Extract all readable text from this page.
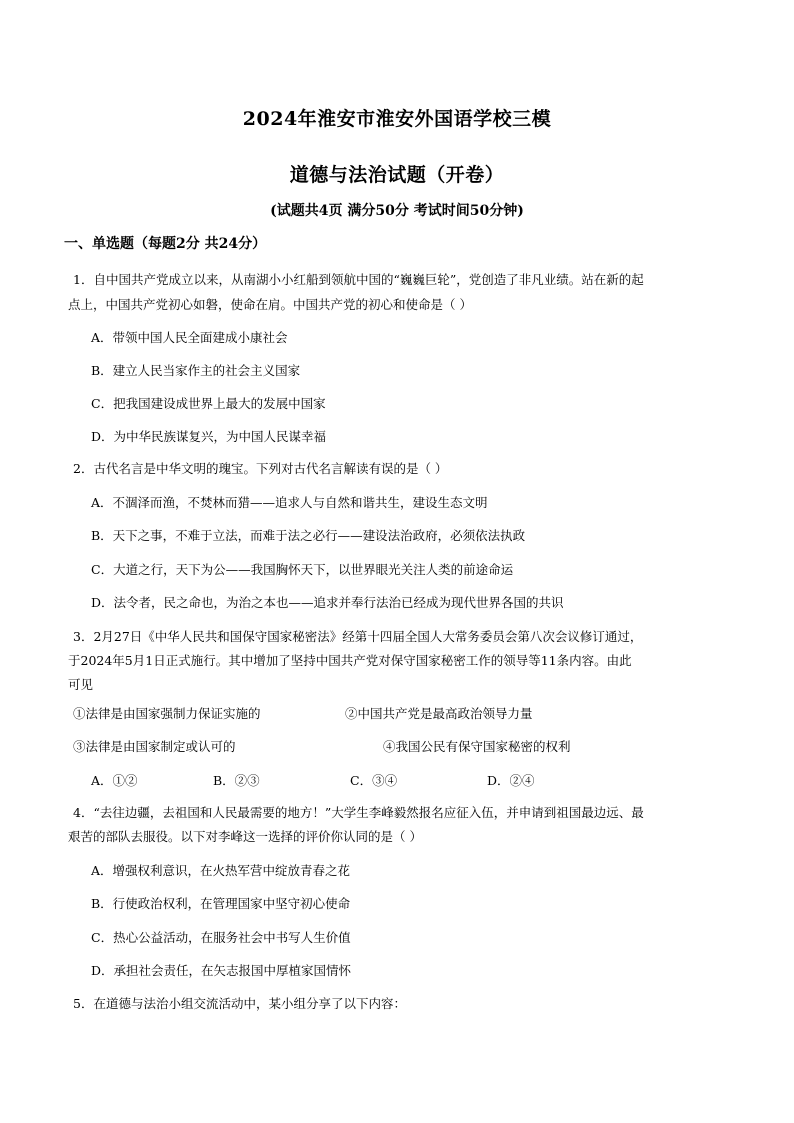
2024年淮安市淮安外国语学校三模
道德与法治试题（开卷）
(试题共4页 满分50分 考试时间50分钟)
一、单选题（每题2分 共24分）
1．自中国共产党成立以来，从南湖小小红船到领航中国的“巍巍巨轮”，党创造了非凡业绩。站在新的起
点上，中国共产党初心如磐，使命在肩。中国共产党的初心和使命是（ ）
A．带领中国人民全面建成小康社会
B．建立人民当家作主的社会主义国家
C．把我国建设成世界上最大的发展中国家
D．为中华民族谋复兴，为中国人民谋幸福
2．古代名言是中华文明的瑰宝。下列对古代名言解读有误的是（ ）
A．不涸泽而渔，不焚林而猎——追求人与自然和谐共生，建设生态文明
B．天下之事，不难于立法，而难于法之必行——建设法治政府，必须依法执政
C．大道之行，天下为公——我国胸怀天下，以世界眼光关注人类的前途命运
D．法令者，民之命也，为治之本也——追求并奉行法治已经成为现代世界各国的共识
3．2月27日《中华人民共和国保守国家秘密法》经第十四届全国人大常务委员会第八次会议修订通过，
于2024年5月1日正式施行。其中增加了坚持中国共产党对保守国家秘密工作的领导等11条内容。由此
可见
①法律是由国家强制力保证实施的	②中国共产党是最高政治领导力量
③法律是由国家制定或认可的	④我国公民有保守国家秘密的权利
A．①②	B．②③	C．③④	D．②④
4．“去往边疆，去祖国和人民最需要的地方！”大学生李峰毅然报名应征入伍，并申请到祖国最边远、最
艰苦的部队去服役。以下对李峰这一选择的评价你认同的是（ ）
A．增强权利意识，在火热军营中绽放青春之花
B．行使政治权利，在管理国家中坚守初心使命
C．热心公益活动，在服务社会中书写人生价值
D．承担社会责任，在矢志报国中厚植家国情怀
5．在道德与法治小组交流活动中，某小组分享了以下内容：
